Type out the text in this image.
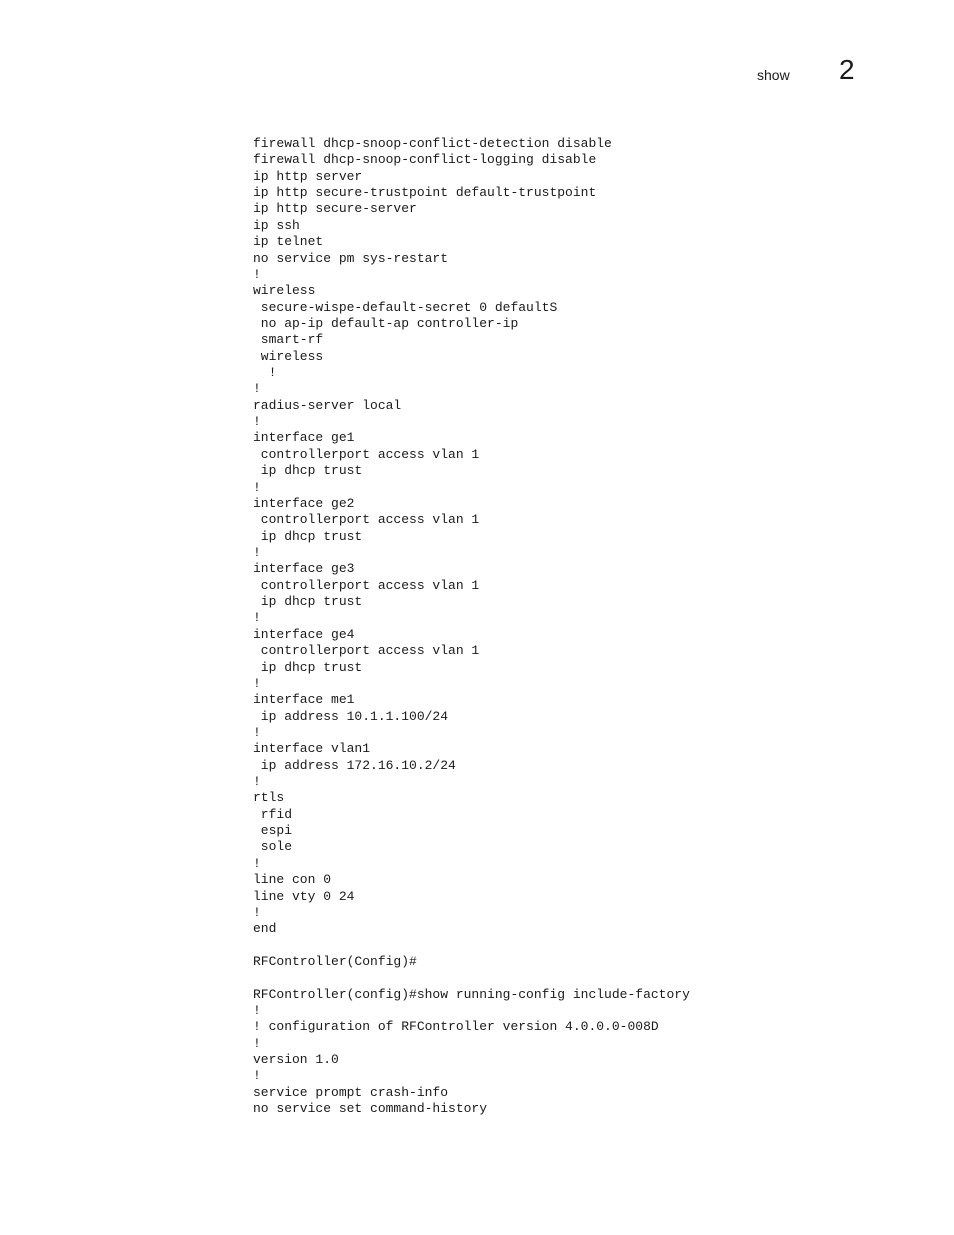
show 2
firewall dhcp-snoop-conflict-detection disable
firewall dhcp-snoop-conflict-logging disable
ip http server
ip http secure-trustpoint default-trustpoint
ip http secure-server
ip ssh
ip telnet
no service pm sys-restart
!
wireless
secure-wispe-default-secret 0 defaultS
no ap-ip default-ap controller-ip
smart-rf
wireless
!
!
radius-server local
!
interface ge1
controllerport access vlan 1
ip dhcp trust
!
interface ge2
controllerport access vlan 1
ip dhcp trust
!
interface ge3
controllerport access vlan 1
ip dhcp trust
!
interface ge4
controllerport access vlan 1
ip dhcp trust
!
interface me1
ip address 10.1.1.100/24
!
interface vlan1
ip address 172.16.10.2/24
!
rtls
rfid
espi
sole
!
line con 0
line vty 0 24
!
end
RFController(Config)#
RFController(config)#show running-config include-factory
!
! configuration of RFController version 4.0.0.0-008D
!
version 1.0
!
service prompt crash-info
no service set command-history
